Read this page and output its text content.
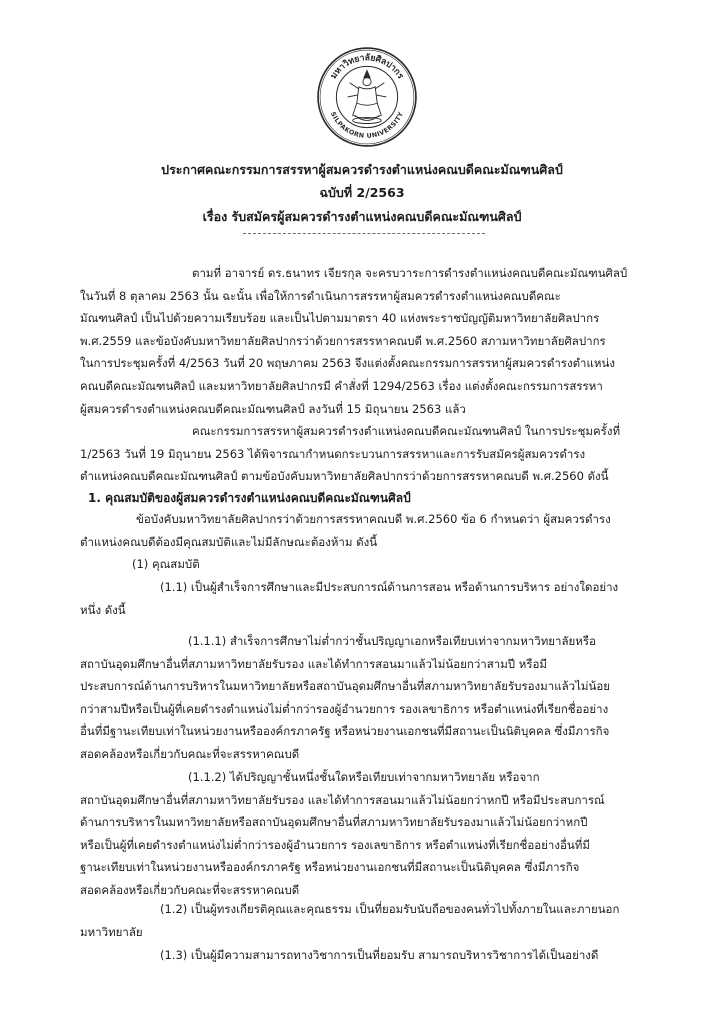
มหาวิทยาลัยศิลปากร
SILPAKORN UNIVERSITY
ประกาศคณะกรรมการสรรหาผู้สมควรดำรงตำแหน่งคณบดีคณะมัณฑนศิลป์
ฉบับที่ 2/2563
เรื่อง รับสมัครผู้สมควรดำรงตำแหน่งคณบดีคณะมัณฑนศิลป์
ตามที่ อาจารย์ ดร.ธนาทร เจียรกุล จะครบวาระการดำรงตำแหน่งคณบดีคณะมัณฑนศิลป์
ในวันที่ 8 ตุลาคม 2563 นั้น ฉะนั้น เพื่อให้การดำเนินการสรรหาผู้สมควรดำรงตำแหน่งคณบดีคณะ
มัณฑนศิลป์ เป็นไปด้วยความเรียบร้อย และเป็นไปตามมาตรา 40 แห่งพระราชบัญญัติมหาวิทยาลัยศิลปากร
พ.ศ.2559 และข้อบังคับมหาวิทยาลัยศิลปากรว่าด้วยการสรรหาคณบดี พ.ศ.2560 สภามหาวิทยาลัยศิลปากร
ในการประชุมครั้งที่ 4/2563 วันที่ 20 พฤษภาคม 2563 จึงแต่งตั้งคณะกรรมการสรรหาผู้สมควรดำรงตำแหน่ง
คณบดีคณะมัณฑนศิลป์ และมหาวิทยาลัยศิลปากรมี คำสั่งที่ 1294/2563 เรื่อง แต่งตั้งคณะกรรมการสรรหา
ผู้สมควรดำรงตำแหน่งคณบดีคณะมัณฑนศิลป์ ลงวันที่ 15 มิถุนายน 2563 แล้ว
คณะกรรมการสรรหาผู้สมควรดำรงตำแหน่งคณบดีคณะมัณฑนศิลป์ ในการประชุมครั้งที่
1/2563 วันที่ 19 มิถุนายน 2563 ได้พิจารณากำหนดกระบวนการสรรหาและการรับสมัครผู้สมควรดำรง
ตำแหน่งคณบดีคณะมัณฑนศิลป์ ตามข้อบังคับมหาวิทยาลัยศิลปากรว่าด้วยการสรรหาคณบดี พ.ศ.2560 ดังนี้
1. คุณสมบัติของผู้สมควรดำรงตำแหน่งคณบดีคณะมัณฑนศิลป์
ข้อบังคับมหาวิทยาลัยศิลปากรว่าด้วยการสรรหาคณบดี พ.ศ.2560 ข้อ 6 กำหนดว่า ผู้สมควรดำรง
ตำแหน่งคณบดีต้องมีคุณสมบัติและไม่มีลักษณะต้องห้าม ดังนี้
(1) คุณสมบัติ
(1.1) เป็นผู้สำเร็จการศึกษาและมีประสบการณ์ด้านการสอน หรือด้านการบริหาร อย่างใดอย่าง
หนึ่ง ดังนี้
(1.1.1) สำเร็จการศึกษาไม่ต่ำกว่าชั้นปริญญาเอกหรือเทียบเท่าจากมหาวิทยาลัยหรือ
สถาบันอุดมศึกษาอื่นที่สภามหาวิทยาลัยรับรอง และได้ทำการสอนมาแล้วไม่น้อยกว่าสามปี หรือมี
ประสบการณ์ด้านการบริหารในมหาวิทยาลัยหรือสถาบันอุดมศึกษาอื่นที่สภามหาวิทยาลัยรับรองมาแล้วไม่น้อย
กว่าสามปีหรือเป็นผู้ที่เคยดำรงตำแหน่งไม่ต่ำกว่ารองผู้อำนวยการ รองเลขาธิการ หรือตำแหน่งที่เรียกชื่ออย่าง
อื่นที่มีฐานะเทียบเท่าในหน่วยงานหรือองค์กรภาครัฐ หรือหน่วยงานเอกชนที่มีสถานะเป็นนิติบุคคล ซึ่งมีภารกิจ
สอดคล้องหรือเกี่ยวกับคณะที่จะสรรหาคณบดี
(1.1.2) ได้ปริญญาชั้นหนึ่งชั้นใดหรือเทียบเท่าจากมหาวิทยาลัย หรือจาก
สถาบันอุดมศึกษาอื่นที่สภามหาวิทยาลัยรับรอง และได้ทำการสอนมาแล้วไม่น้อยกว่าหกปี หรือมีประสบการณ์
ด้านการบริหารในมหาวิทยาลัยหรือสถาบันอุดมศึกษาอื่นที่สภามหาวิทยาลัยรับรองมาแล้วไม่น้อยกว่าหกปี
หรือเป็นผู้ที่เคยดำรงตำแหน่งไม่ต่ำกว่ารองผู้อำนวยการ รองเลขาธิการ หรือตำแหน่งที่เรียกชื่ออย่างอื่นที่มี
ฐานะเทียบเท่าในหน่วยงานหรือองค์กรภาครัฐ หรือหน่วยงานเอกชนที่มีสถานะเป็นนิติบุคคล ซึ่งมีภารกิจ
สอดคล้องหรือเกี่ยวกับคณะที่จะสรรหาคณบดี
(1.2) เป็นผู้ทรงเกียรติคุณและคุณธรรม เป็นที่ยอมรับนับถือของคนทั่วไปทั้งภายในและภายนอก
มหาวิทยาลัย
(1.3) เป็นผู้มีความสามารถทางวิชาการเป็นที่ยอมรับ สามารถบริหารวิชาการได้เป็นอย่างดี
